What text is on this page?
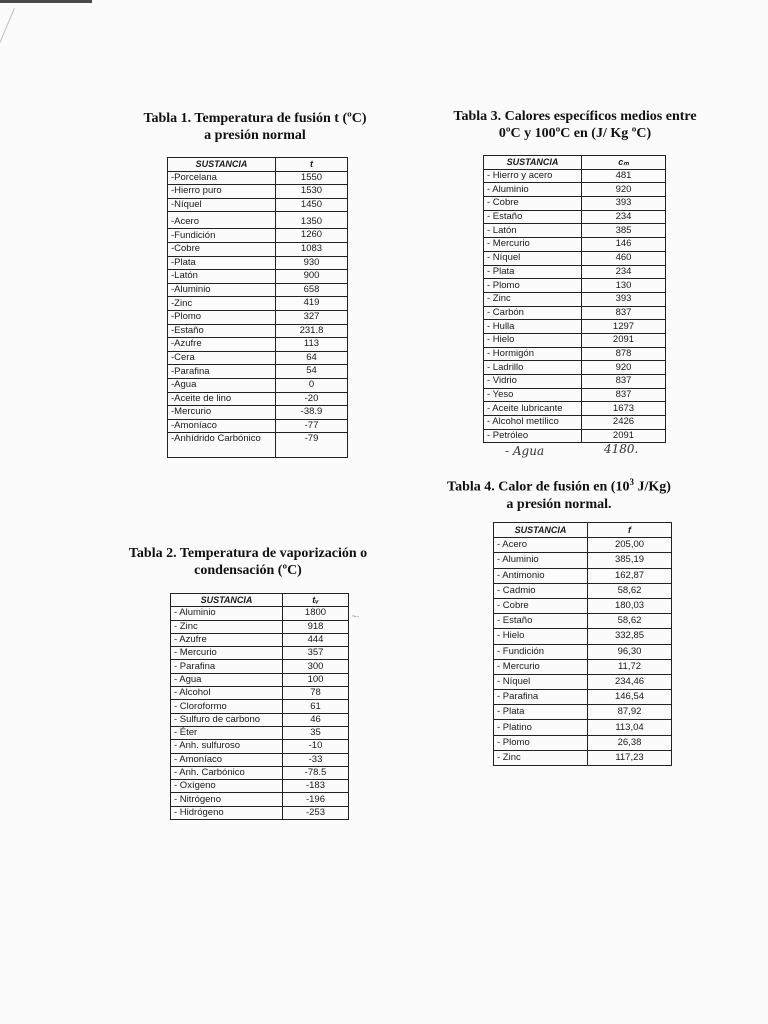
Tabla 1. Temperatura de fusión t (ºC)
a presión normal
SUSTANCIA	t
-Porcelana	1550
-Hierro puro	1530
-Níquel	1450
-Acero	1350
-Fundición	1260
-Cobre	1083
-Plata	930
-Latón	900
-Aluminio	658
-Zinc	419
-Plomo	327
-Estaño	231.8
-Azufre	113
-Cera	64
-Parafina	54
-Agua	0
-Aceite de lino	-20
-Mercurio	-38.9
-Amoníaco	-77
-Anhídrido Carbónico	-79
Tabla 2. Temperatura de vaporización o
condensación (ºC)
SUSTANCIA	tᵥ
- Aluminio	1800
- Zinc	918
- Azufre	444
- Mercurio	357
- Parafina	300
- Agua	100
- Alcohol	78
- Cloroformo	61
- Sulfuro de carbono	46
- Éter	35
- Anh. sulfuroso	-10
- Amoníaco	-33
- Anh. Carbónico	-78.5
- Oxígeno	-183
- Nitrógeno	-196
- Hidrógeno	-253
~·
Tabla 3. Calores específicos medios entre
0ºC y 100ºC en (J/ Kg ºC)
SUSTANCIA	cₘ
- Hierro y acero	481
- Aluminio	920
- Cobre	393
- Estaño	234
- Latón	385
- Mercurio	146
- Níquel	460
- Plata	234
- Plomo	130
- Zinc	393
- Carbón	837
- Hulla	1297
- Hielo	2091
- Hormigón	878
- Ladrillo	920
- Vidrio	837
- Yeso	837
- Aceite lubricante	1673
- Alcohol metílico	2426
- Petróleo	2091
- Agua	4180.
Tabla 4. Calor de fusión en ($10^3$ J/Kg)
a presión normal.
SUSTANCIA	f
- Acero	205,00
- Aluminio	385,19
- Antimonio	162,87
- Cadmio	58,62
- Cobre	180,03
- Estaño	58,62
- Hielo	332,85
- Fundición	96,30
- Mercurio	11,72
- Níquel	234,46
- Parafina	146,54
- Plata	87,92
- Platino	113,04
- Plomo	26,38
- Zinc	117,23
